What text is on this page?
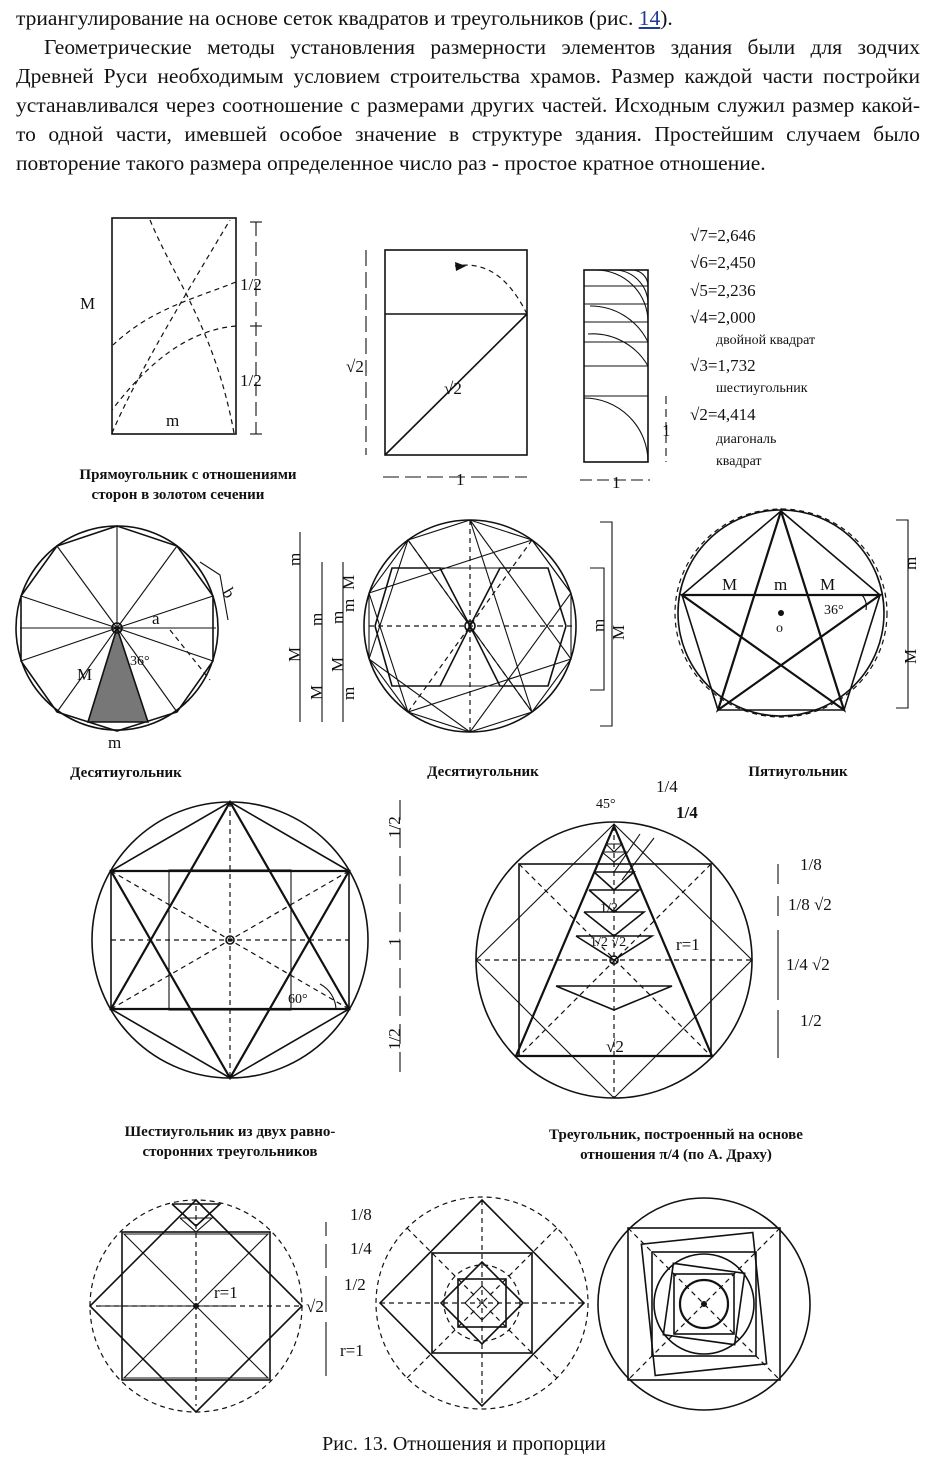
триангулирование на основе сеток квадратов и треугольников (рис. 14).

Геометрические методы установления размерности элементов здания были для зодчих Древней Руси необходимым условием строительства храмов. Размер каждой части постройки устанавливался через соотношение с размерами других частей. Исходным служил размер какой-то одной части, имевшей особое значение в структуре здания. Простейшим случаем было повторение такого размера определенное число раз - простое кратное отношение.

M
m
1/2
1/2
Прямоугольник с отношениями
сторон в золотом сечении
√2
√2
1
1
1
√7=2,646
√6=2,450
√5=2,236
√4=2,000
двойной квадрат
√3=1,732
шестиугольник
√2=4,414
диагональ
квадрат
a
b
M
36°
m
Десятиугольник
m
m m
M
m
M
M
M
m
m M
Десятиугольник
M m M
o
36°
m
M
Пятиугольник
60°
1/2
1
1/2
Шестиугольник из двух равно-
сторонних треугольников
45°
1/4
1/4
1/2
1/2 √2	r=1
√2
1/8
1/8 √2
1/4 √2
1/2
Треугольник, построенный на основе
отношения π/4 (по А. Драху)
r=1
√2
1/8
1/4
1/2
r=1
Рис. 13. Отношения и пропорции
